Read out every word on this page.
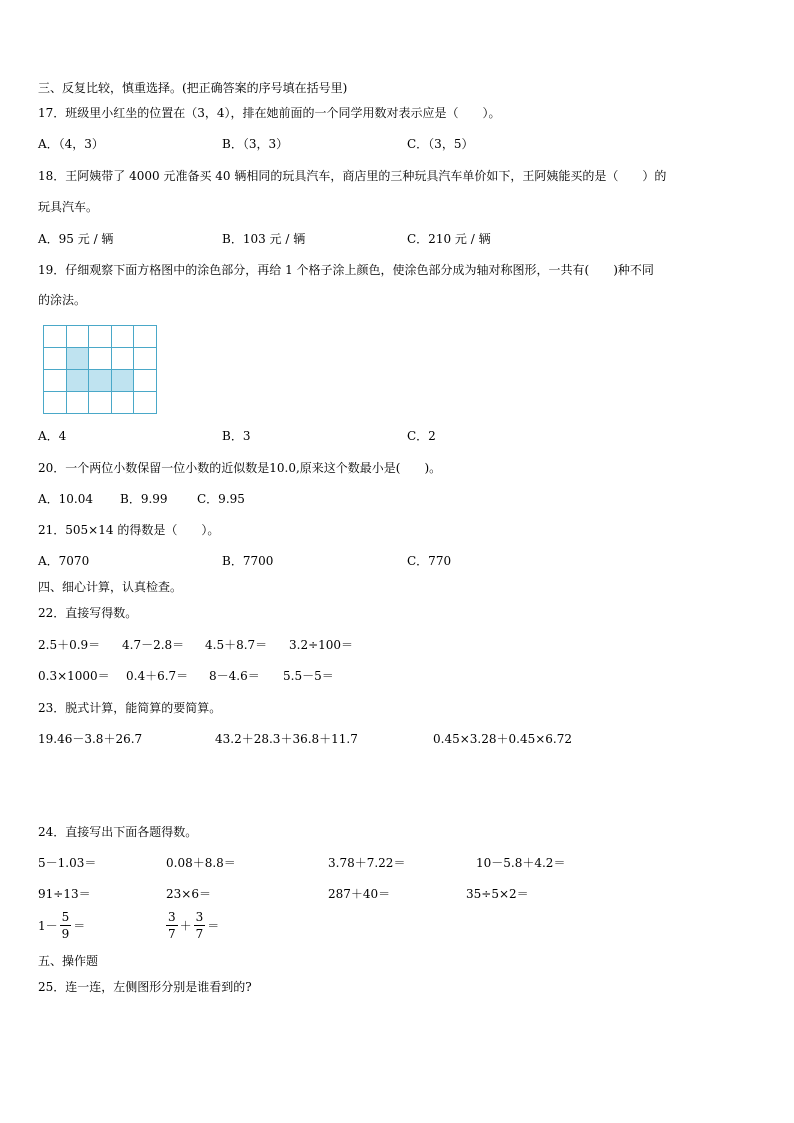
三、反复比较，慎重选择。(把正确答案的序号填在括号里)
17．班级里小红坐的位置在（3，4），排在她前面的一个同学用数对表示应是（　　）。
A．（4，3）	B．（3，3）	C．（3，5）
18．王阿姨带了 4000 元准备买 40 辆相同的玩具汽车，商店里的三种玩具汽车单价如下，王阿姨能买的是（　　）的
玩具汽车。
A．95 元 / 辆	B．103 元 / 辆	C．210 元 / 辆
19．仔细观察下面方格图中的涂色部分，再给 1 个格子涂上颜色，使涂色部分成为轴对称图形，一共有(　　)种不同
的涂法。
A．4	B．3	C．2
20．一个两位小数保留一位小数的近似数是10.0,原来这个数最小是(　　)。
A．10.04 B．9.99 C．9.95
21．505×14 的得数是（　　）。
A．7070	B．7700	C．770
四、细心计算，认真检查。
22．直接写得数。
2.5＋0.9＝ 4.7－2.8＝ 4.5＋8.7＝ 3.2÷100＝
0.3×1000＝ 0.4＋6.7＝ 8－4.6＝ 5.5－5＝
23．脱式计算，能简算的要简算。
19.46－3.8＋26.7	43.2＋28.3＋36.8＋11.7	0.45×3.28＋0.45×6.72
24．直接写出下面各题得数。
5－1.03＝	0.08＋8.8＝	3.78＋7.22＝	10－5.8＋4.2＝
91÷13＝	23×6＝	287＋40＝	35÷5×2＝
$1- \frac{5}{9}$ ＝	$\frac{3}{7} + \frac{3}{7}$ ＝
五、操作题
25．连一连，左侧图形分别是谁看到的?
